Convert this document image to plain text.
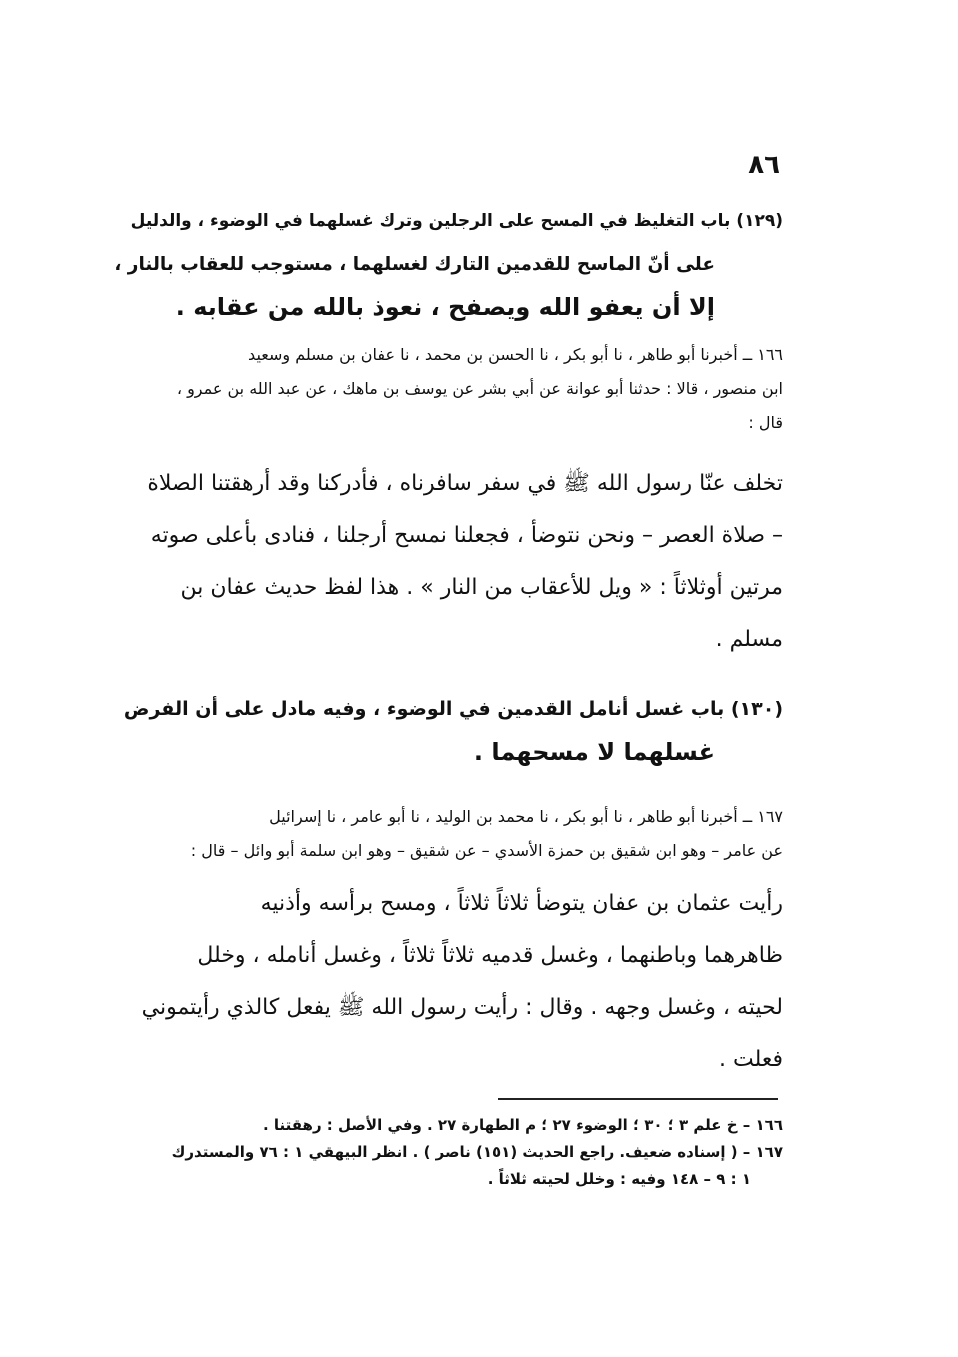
٨٦
(١٢٩) باب التغليظ في المسح على الرجلين وترك غسلهما في الوضوء ، والدليل
على أنّ الماسح للقدمين التارك لغسلهما ، مستوجب للعقاب بالنار ،
إلا أن يعفو الله ويصفح ، نعوذ بالله من عقابه .
١٦٦ ــ أخبرنا أبو طاهر ، نا أبو بكر ، نا الحسن بن محمد ، نا عفان بن مسلم وسعيد
ابن منصور ، قالا : حدثنا أبو عوانة عن أبي بشر عن يوسف بن ماهك ، عن عبد الله بن عمرو ،
قال :
تخلف عنّا رسول الله ﷺ في سفر سافرناه ، فأدركنا وقد أرهقتنا الصلاة
– صلاة العصر – ونحن نتوضأ ، فجعلنا نمسح أرجلنا ، فنادى بأعلى صوته
مرتين أوثلاثاً : « ويل للأعقاب من النار » . هذا لفظ حديث عفان بن
مسلم .
(١٣٠) باب غسل أنامل القدمين في الوضوء ، وفيه مادل على أن الفرض
غسلهما لا مسحهما .
١٦٧ ــ أخبرنا أبو طاهر ، نا أبو بكر ، نا محمد بن الوليد ، نا أبو عامر ، نا إسرائيل
عن عامر – وهو ابن شقيق بن حمزة الأسدي – عن شقيق – وهو ابن سلمة أبو وائل – قال :
رأيت عثمان بن عفان يتوضأ ثلاثاً ثلاثاً ، ومسح برأسه وأذنيه
ظاهرهما وباطنهما ، وغسل قدميه ثلاثاً ثلاثاً ، وغسل أنامله ، وخلل
لحيته ، وغسل وجهه . وقال : رأيت رسول الله ﷺ يفعل كالذي رأيتموني
فعلت .
١٦٦ – خ علم ٣ ؛ ٣٠ ؛ الوضوء ٢٧ ؛ م الطهارة ٢٧ . وفي الأصل : رهقتنا .
١٦٧ – ( إسناده ضعيف. راجع الحديث (١٥١) ناصر ) . انظر البيهقي ١ : ٧٦ والمستدرك
١ : ٩ – ١٤٨ وفيه : وخلل لحيته ثلاثاً .
